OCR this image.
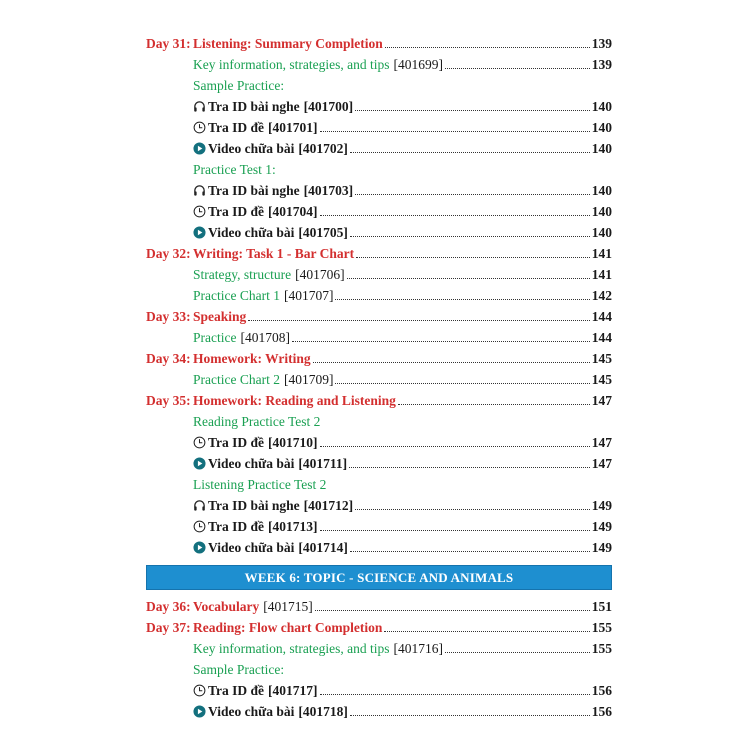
Day 31: Listening: Summary Completion	139
Key information, strategies, and tips [401699]	139
Sample Practice:
Tra ID bài nghe [401700]	140
Tra ID đề [401701]	140
Video chữa bài [401702]	140
Practice Test 1:
Tra ID bài nghe [401703]	140
Tra ID đề [401704]	140
Video chữa bài [401705]	140
Day 32: Writing: Task 1 - Bar Chart	141
Strategy, structure [401706]	141
Practice Chart 1 [401707]	142
Day 33: Speaking	144
Practice [401708]	144
Day 34: Homework: Writing	145
Practice Chart 2 [401709]	145
Day 35: Homework: Reading and Listening	147
Reading Practice Test 2
Tra ID đề [401710]	147
Video chữa bài [401711]	147
Listening Practice Test 2
Tra ID bài nghe [401712]	149
Tra ID đề [401713]	149
Video chữa bài [401714]	149
WEEK 6: TOPIC - SCIENCE AND ANIMALS
Day 36: Vocabulary [401715]	151
Day 37: Reading: Flow chart Completion	155
Key information, strategies, and tips [401716]	155
Sample Practice:
Tra ID đề [401717]	156
Video chữa bài [401718]	156
